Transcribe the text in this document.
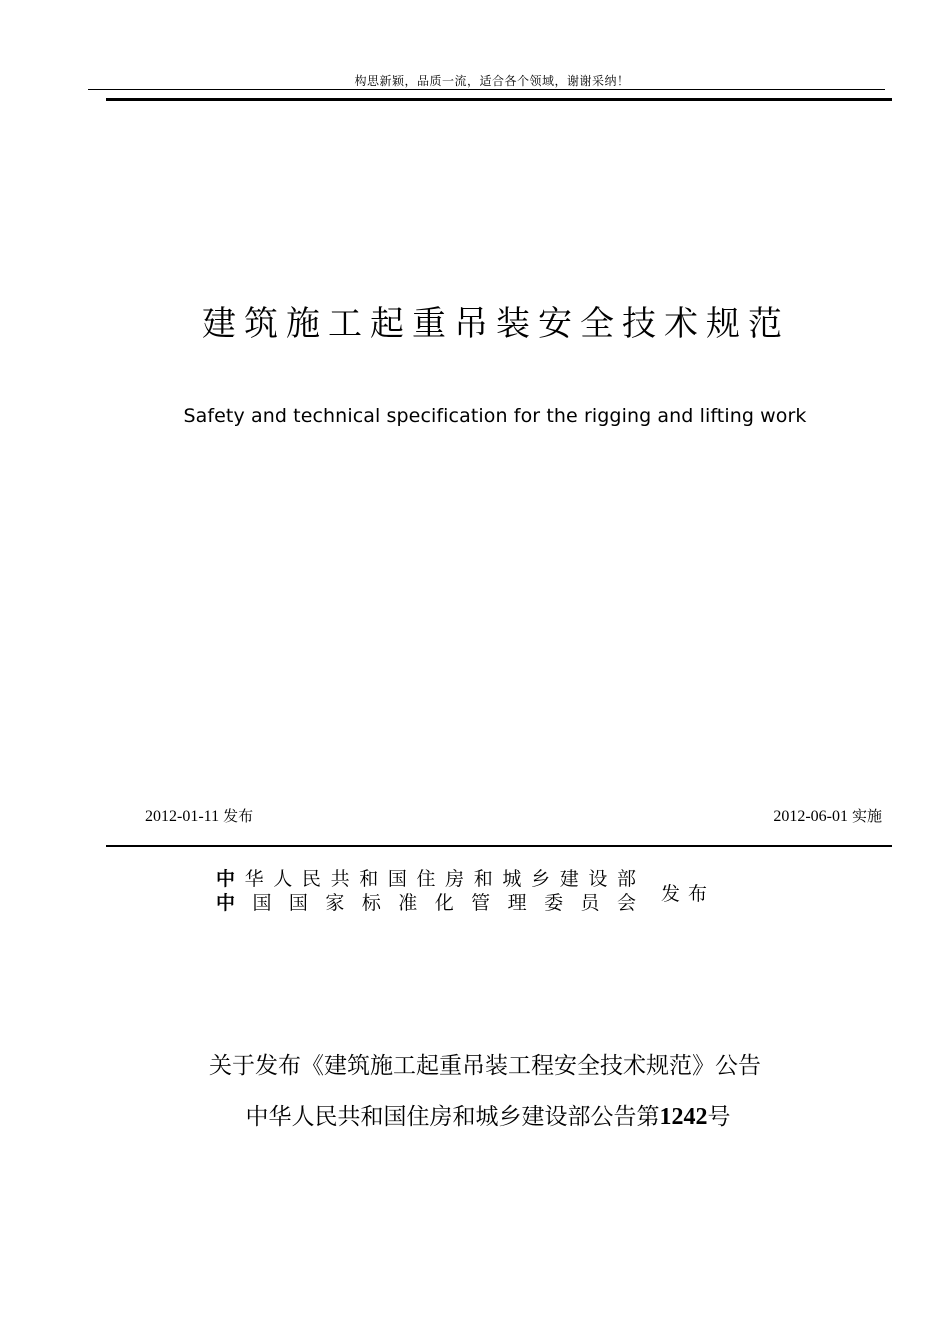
构思新颖，品质一流，适合各个领域，谢谢采纳！
建筑施工起重吊装安全技术规范
Safety and technical specification for the rigging and lifting work
2012-01-11 发布	2012-06-01 实施
中 华 人 民 共 和 国 住 房 和 城 乡 建 设 部
中 国 国 家 标 准 化 管 理 委 员 会 发布
关于发布《建筑施工起重吊装工程安全技术规范》公告
中华人民共和国住房和城乡建设部公告第1242号
